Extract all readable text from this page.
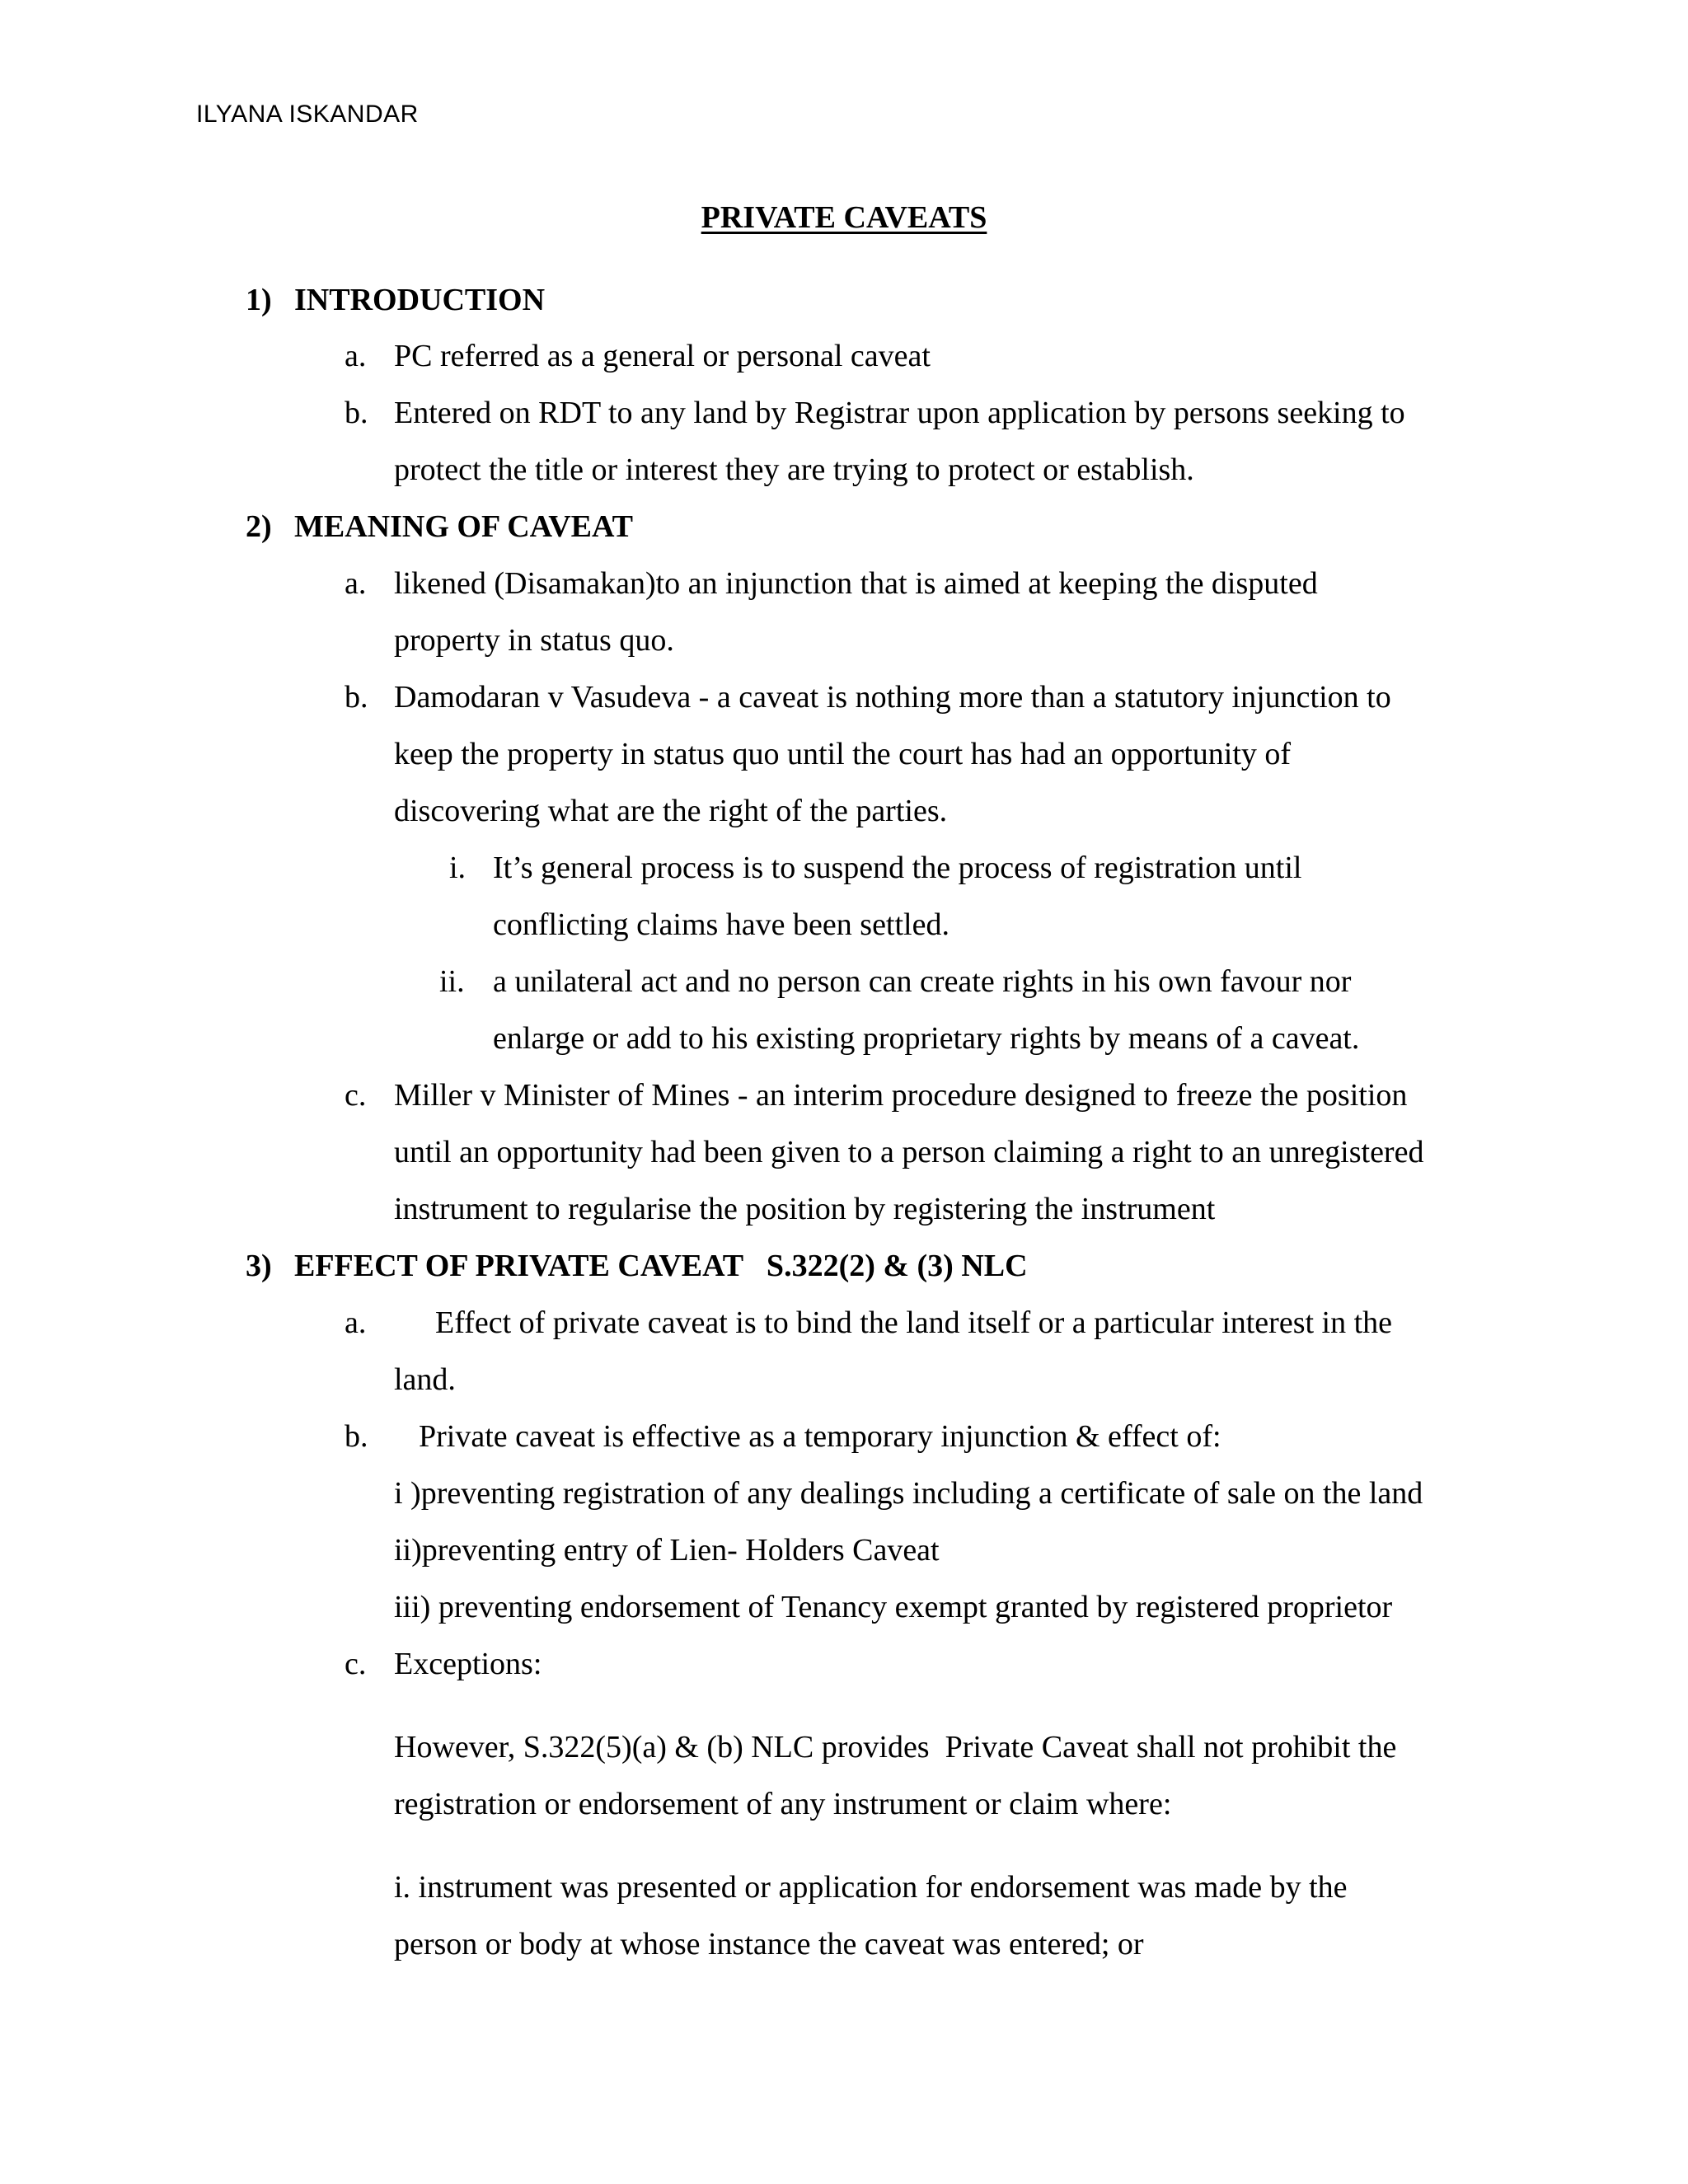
ILYANA ISKANDAR
PRIVATE CAVEATS
1) INTRODUCTION
a. PC referred as a general or personal caveat
b. Entered on RDT to any land by Registrar upon application by persons seeking to
protect the title or interest they are trying to protect or establish.
2) MEANING OF CAVEAT
a. likened (Disamakan)to an injunction that is aimed at keeping the disputed
property in status quo.
b. Damodaran v Vasudeva - a caveat is nothing more than a statutory injunction to
keep the property in status quo until the court has had an opportunity of
discovering what are the right of the parties.
i. It’s general process is to suspend the process of registration until
conflicting claims have been settled.
ii. a unilateral act and no person can create rights in his own favour nor
enlarge or add to his existing proprietary rights by means of a caveat.
c. Miller v Minister of Mines - an interim procedure designed to freeze the position
until an opportunity had been given to a person claiming a right to an unregistered
instrument to regularise the position by registering the instrument
3) EFFECT OF PRIVATE CAVEAT   S.322(2) & (3) NLC
a. Effect of private caveat is to bind the land itself or a particular interest in the
land.
b. Private caveat is effective as a temporary injunction & effect of:
i )preventing registration of any dealings including a certificate of sale on the land
ii)preventing entry of Lien- Holders Caveat
iii) preventing endorsement of Tenancy exempt granted by registered proprietor
c. Exceptions:
However, S.322(5)(a) & (b) NLC provides  Private Caveat shall not prohibit the
registration or endorsement of any instrument or claim where:
i. instrument was presented or application for endorsement was made by the
person or body at whose instance the caveat was entered; or
